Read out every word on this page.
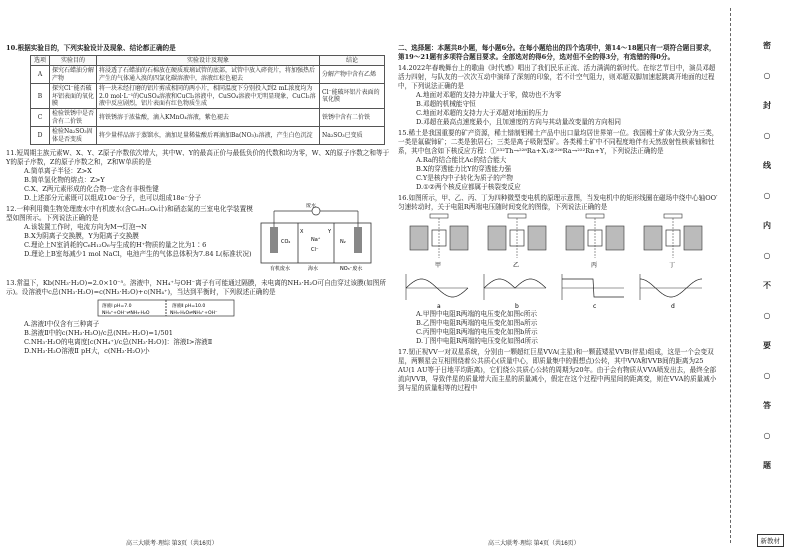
10.根据实验目的，下列实验设计及现象、结论都正确的是

选项	实验目的	实验设计及现象	结论
A	探究石蜡油分解产物	将浸透了石蜡油的石棉放在硬质玻璃试管的底部，试管中放入碎瓷片，将加强热后产生的气体通入溴的四氯化碳溶液中，溶液红棕色褪去	分解产物中含有乙烯
B	探究Cl⁻能否破坏铝表面的氧化膜	将一块未经打磨的铝片剪成相同的两小片，相同温度下分别投入到2 mL浓度均为2.0 mol·L⁻¹的CuSO₄溶液和CuCl₂溶液中，CuSO₄溶液中无明显现象，CuCl₂溶液中反应剧烈，铝片表面有红色物质生成	Cl⁻能破坏铝片表面的氧化膜
C	检验铁锈中是否含有二价铁	将铁锈溶于浓盐酸，滴入KMnO₄溶液，紫色褪去	铁锈中含有二价铁
D	检验Na₂SO₃固体是否变质	将少量样品溶于蒸馏水，滴加足量稀盐酸后再滴加Ba(NO₃)₂溶液，产生白色沉淀	Na₂SO₃已变质

11.短周期主族元素W、X、Y、Z原子序数依次增大，其中W、Y的最高正价与最低负价的代数和均为零，W、X的原子序数之和等于Y的原子序数，Z的原子序数之和，Z和W单质的是

A.简单离子半径：Z>X

B.简单氢化物的熔点：Z>Y

C.X、Z两元素形成的化合物一定含有非极性键

D.上述部分元素既可以组成10e⁻分子，也可以组成18e⁻分子

12.一种利用微生物处理废水中有机废水(含C₆H₁₂O₆计)和硝态氮的三室电化学装置模型如图所示。下列说法正确的是

A.该装置工作时，电流方向为M→灯泡→N

B.X为阴离子交换膜，Y为阳离子交换膜

C.理论上N室消耗的C₆H₁₂O₆与生成的H⁺物质的量之比为1∶6

D.理论上B室每减少1 mol NaCl，电池产生的气体总体积为7.84 L(标准状况)

废水
有机废水	海水	NO₃⁻废水
CO₂
X
Na⁺
Cl⁻
Y
N₂

13.常温下，Kb(NH₃·H₂O)=2.0×10⁻⁵。溶液中，NH₄⁺与OH⁻离子有可能通过隔膜，未电离的NH₃·H₂O可自由穿过该膜(如图所示)。设溶液中c总(NH₃·H₂O)=c(NH₃·H₂O)+c(NH₄⁺)，当达到平衡时，下列叙述正确的是

溶液Ⅰ pH=7.0
NH₄⁺+OH⁻⇌NH₃·H₂O
溶液Ⅱ pH=10.0
NH₃·H₂O⇌NH₄⁺+OH⁻

A.溶液Ⅰ中仅含有三种离子

B.溶液Ⅱ中的c(NH₃·H₂O)/c总(NH₃·H₂O)=1/501

C.NH₃·H₂O的电离度[c(NH₄⁺)/c总(NH₃·H₂O)]：溶液Ⅰ>溶液Ⅱ

D.NH₃·H₂O溶液Ⅱ pH大，c(NH₃·H₂O)小

高三大联考·理综 第3页（共16页）

二、选择题：本题共8小题，每小题6分。在每小题给出的四个选项中，第14～18题只有一项符合题目要求，第19～21题有多项符合题目要求。全部选对的得6分，选对但不全的得3分，有选错的得0分。

14.2022年春晚舞台上的歌曲《时代感》唱出了我们民乐正流、活力满满的新时代。在综艺节目中，演员邓超活力四射，与队友的一次次互动中演绎了深刻的印象，若不计空气阻力，则邓超双脚加速起跳离开地面的过程中，下列说法正确的是

A.地面对邓超的支持力冲量大于零，做功也不为零

B.邓超的机械能守恒

C.地面对邓超的支持力大于邓超对地面的压力

D.邓超在最高点速度最小，且加速度的方向与其动量改变量的方向相同

15.稀土是我国重要的矿产资源，稀土镨制钼稀土产品中出口量均居世界第一位。我国稀土矿体大致分为三类，一类是氟碳铈矿；二类是独居石；三类是离子吸附型矿。各类稀土矿中不同程度地伴有天然放射性核素铀和钍系，其中包含如下核反应方程：①²³²Th→²²⁸Ra+X₁②²²⁶Ra→²²²Rn+Y，下列说法正确的是

A.Ra的结合能比Ac的结合能大

B.X的穿透能力比Y的穿透能力强

C.Y是核内中子转化为质子的产物

D.①②两个核反应都属于核裂变反应

16.如图所示，甲、乙、丙、丁为四种微型变电机的原理示意图，当发电机中的矩形线圈在磁场中绕中心轴OO′匀速转动时，关于电阻R两端电压随时间变化的图像，下列说法正确的是

甲	乙	丙	丁
a	b	c	d

A.甲图中电阻R两端的电压变化如图c所示

B.乙图中电阻R两端的电压变化如图a所示

C.丙图中电阻R两端的电压变化如图b所示

D.丁图中电阻R两端的电压变化如图d所示

17.韧正视VV一对双星系统，分别由一颗超红巨星VVA(主星)和一颗蓝矮星VVB(伴星)组成，这是一个会变双星，两颗星会互相围绕着公共质心(质量中心，即质量集中的假想点)公转，其中VVA和VVB间的距离为25 AU(1 AU等于日地平均距离)，它们绕公共质心公转的周期为20年。由于会有物质从VVA喷发出去，最终全部流向VVB，导致伴星的质量增大而主星的质量减小，假定在这个过程中两星间的距离变，则在VVA的质量减小到与星的质量相等的过程中

高三大联考·理综 第4页（共16页）
密
○
封
○
线
○
内
○
不
○
要
○
答
○
题
新教材
